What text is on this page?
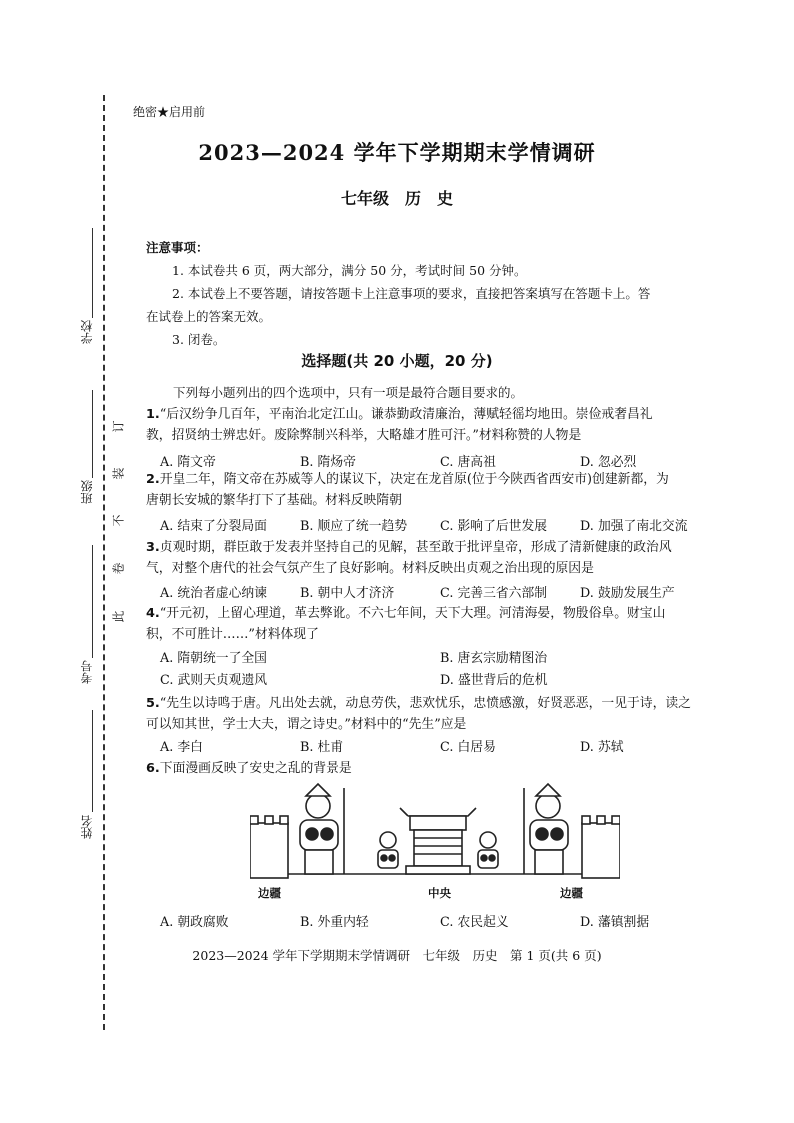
学校
班级
考号
姓名
订
装
不
卷
此
绝密★启用前
2023—2024 学年下学期期末学情调研
七年级　历　史
注意事项：
1. 本试卷共 6 页，两大部分，满分 50 分，考试时间 50 分钟。
2. 本试卷上不要答题，请按答题卡上注意事项的要求，直接把答案填写在答题卡上。答
在试卷上的答案无效。
3. 闭卷。
选择题(共 20 小题，20 分)
下列每小题列出的四个选项中，只有一项是最符合题目要求的。
1.“后汉纷争几百年，平南治北定江山。谦恭勤政清廉治，薄赋轻徭均地田。崇俭戒奢昌礼
教，招贤纳士辨忠奸。废除弊制兴科举，大略雄才胜可汗。”材料称赞的人物是
A. 隋文帝	B. 隋炀帝	C. 唐高祖	D. 忽必烈
2.开皇二年，隋文帝在苏威等人的谋议下，决定在龙首原(位于今陕西省西安市)创建新都，为
唐朝长安城的繁华打下了基础。材料反映隋朝
A. 结束了分裂局面	B. 顺应了统一趋势	C. 影响了后世发展	D. 加强了南北交流
3.贞观时期，群臣敢于发表并坚持自己的见解，甚至敢于批评皇帝，形成了清新健康的政治风
气，对整个唐代的社会气氛产生了良好影响。材料反映出贞观之治出现的原因是
A. 统治者虚心纳谏	B. 朝中人才济济	C. 完善三省六部制	D. 鼓励发展生产
4.“开元初，上留心理道，革去弊讹。不六七年间，天下大理。河清海晏，物殷俗阜。财宝山
积，不可胜计……”材料体现了
A. 隋朝统一了全国	B. 唐玄宗励精图治
C. 武则天贞观遗风	D. 盛世背后的危机
5.“先生以诗鸣于唐。凡出处去就，动息劳佚，悲欢忧乐，忠愤感激，好贤恶恶，一见于诗，读之
可以知其世，学士大夫，谓之诗史。”材料中的“先生”应是
A. 李白	B. 杜甫	C. 白居易	D. 苏轼
6.下面漫画反映了安史之乱的背景是
边疆	中央	边疆
A. 朝政腐败	B. 外重内轻	C. 农民起义	D. 藩镇割据
2023—2024 学年下学期期末学情调研　七年级　历史　第 1 页(共 6 页)
